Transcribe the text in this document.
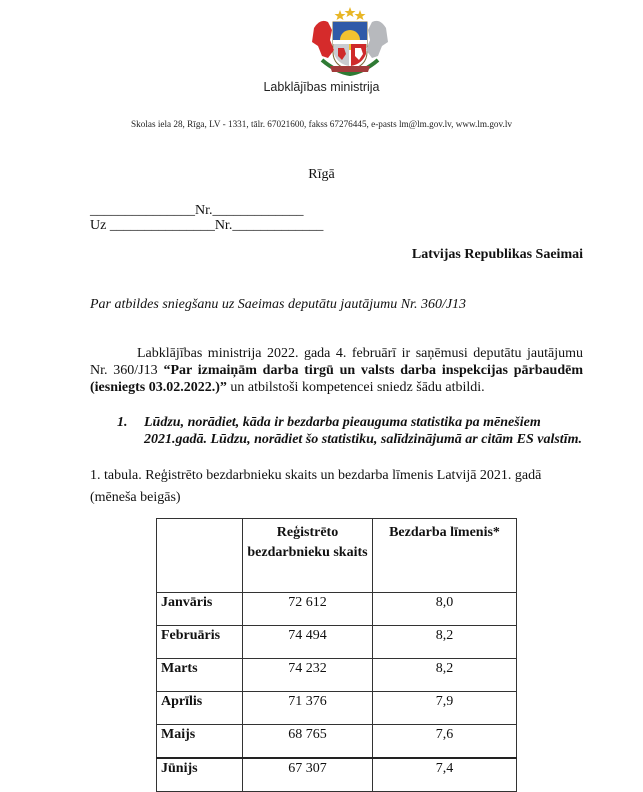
Labklājības ministrija
Skolas iela 28, Rīga, LV - 1331, tālr. 67021600, fakss 67276445, e-pasts lm@lm.gov.lv, www.lm.gov.lv
Rīgā
_______________Nr._____________
Uz _______________Nr._____________
Latvijas Republikas Saeimai
Par atbildes sniegšanu uz Saeimas deputātu jautājumu Nr. 360/J13

Labklājības ministrija 2022. gada 4. februārī ir saņēmusi deputātu jautājumu Nr. 360/J13 “Par izmaiņām darba tirgū un valsts darba inspekcijas pārbaudēm (iesniegts 03.02.2022.)” un atbilstoši kompetencei sniedz šādu atbildi.

1. Lūdzu, norādiet, kāda ir bezdarba pieauguma statistika pa mēnešiem 2021.gadā. Lūdzu, norādiet šo statistiku, salīdzinājumā ar citām ES valstīm.
1. tabula. Reģistrēto bezdarbnieku skaits un bezdarba līmenis Latvijā 2021. gadā (mēneša beigās)
	Reģistrēto bezdarbnieku skaits	Bezdarba līmenis*
Janvāris	72 612	8,0
Februāris	74 494	8,2
Marts	74 232	8,2
Aprīlis	71 376	7,9
Maijs	68 765	7,6
Jūnijs	67 307	7,4
